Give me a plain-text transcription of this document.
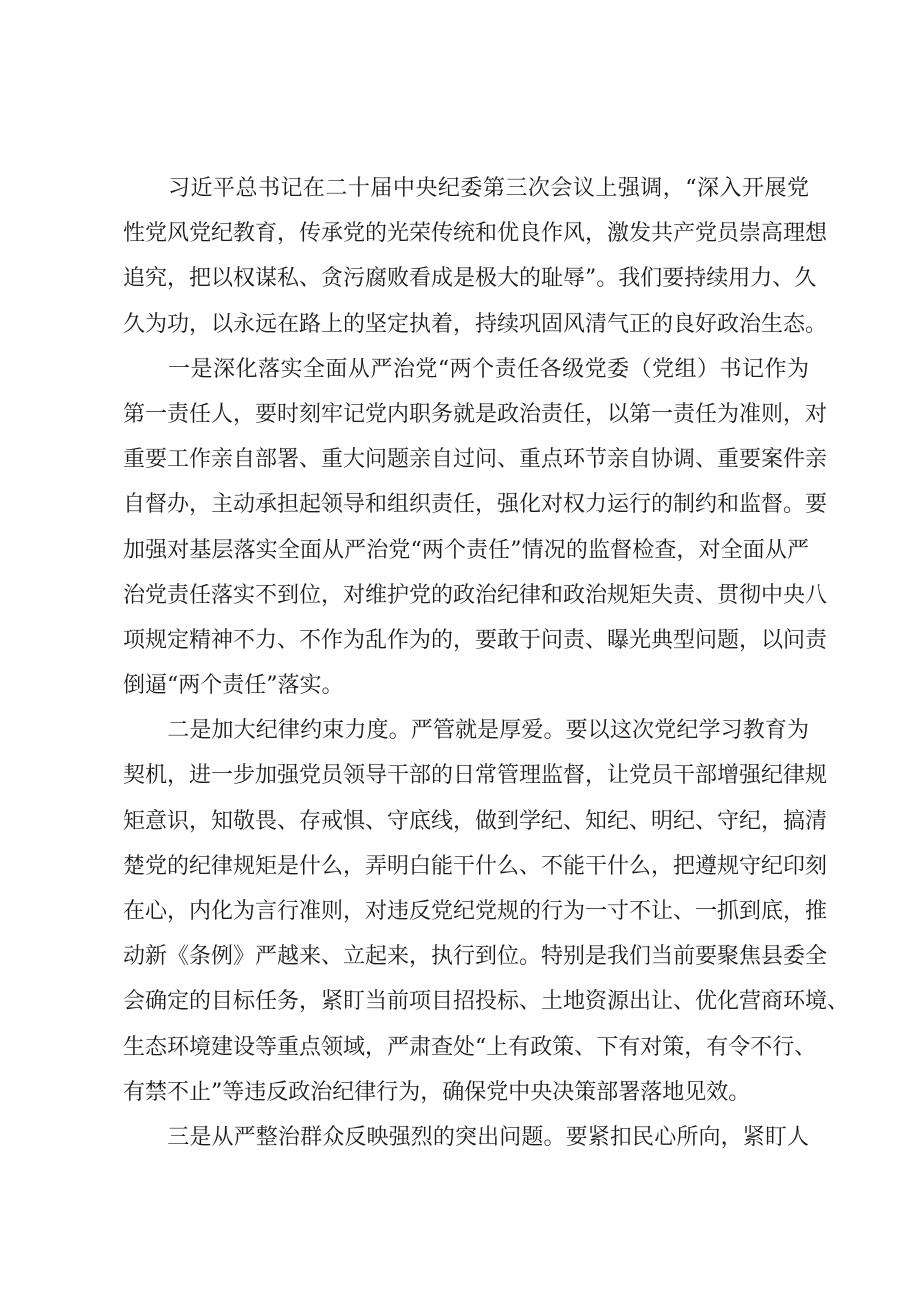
　　习近平总书记在二十届中央纪委第三次会议上强调，“深入开展党
性党风党纪教育，传承党的光荣传统和优良作风，激发共产党员崇高理想
追究，把以权谋私、贪污腐败看成是极大的耻辱”。我们要持续用力、久
久为功，以永远在路上的坚定执着，持续巩固风清气正的良好政治生态。
　　一是深化落实全面从严治党“两个责任各级党委（党组）书记作为
第一责任人，要时刻牢记党内职务就是政治责任，以第一责任为准则，对
重要工作亲自部署、重大问题亲自过问、重点环节亲自协调、重要案件亲
自督办，主动承担起领导和组织责任，强化对权力运行的制约和监督。要
加强对基层落实全面从严治党“两个责任”情况的监督检查，对全面从严
治党责任落实不到位，对维护党的政治纪律和政治规矩失责、贯彻中央八
项规定精神不力、不作为乱作为的，要敢于问责、曝光典型问题，以问责
倒逼“两个责任”落实。
　　二是加大纪律约束力度。严管就是厚爱。要以这次党纪学习教育为
契机，进一步加强党员领导干部的日常管理监督，让党员干部增强纪律规
矩意识，知敬畏、存戒惧、守底线，做到学纪、知纪、明纪、守纪，搞清
楚党的纪律规矩是什么，弄明白能干什么、不能干什么，把遵规守纪印刻
在心，内化为言行准则，对违反党纪党规的行为一寸不让、一抓到底，推
动新《条例》严越来、立起来，执行到位。特别是我们当前要聚焦县委全
会确定的目标任务，紧盯当前项目招投标、土地资源出让、优化营商环境、
生态环境建设等重点领域，严肃查处“上有政策、下有对策，有令不行、
有禁不止”等违反政治纪律行为，确保党中央决策部署落地见效。
　　三是从严整治群众反映强烈的突出问题。要紧扣民心所向，紧盯人
